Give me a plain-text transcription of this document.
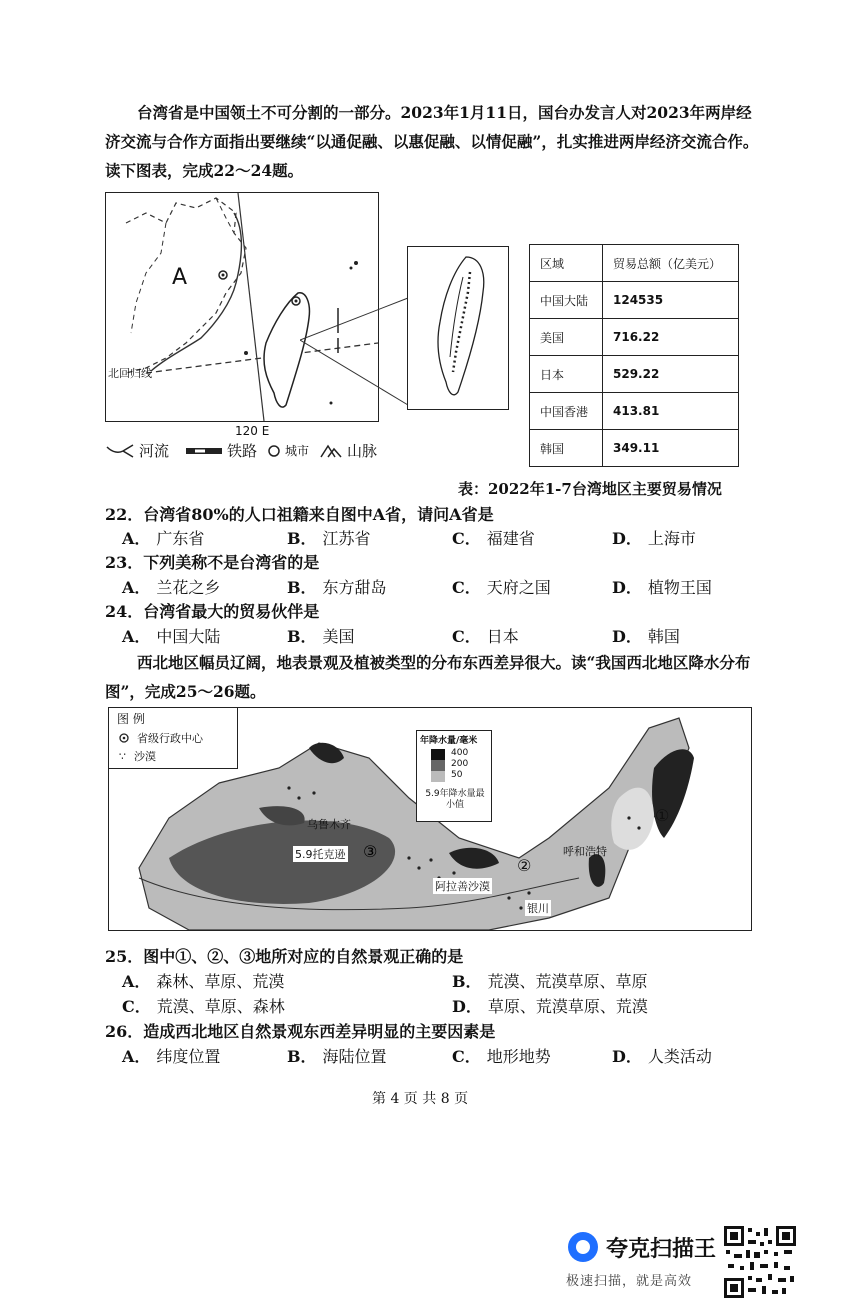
台湾省是中国领土不可分割的一部分。2023年1月11日，国台办发言人对2023年两岸经济交流与合作方面指出要继续“以通促融、以惠促融、以情促融”，扎实推进两岸经济交流合作。读下图表，完成22～24题。
A
北回归线
120 E
区域	贸易总额（亿美元）
中国大陆	124535
美国	716.22
日本	529.22
中国香港	413.81
韩国	349.11
河流	铁路 城市	山脉
表：2022年1-7台湾地区主要贸易情况
22．台湾省80%的人口祖籍来自图中A省，请问A省是
A． 广东省	B． 江苏省	C． 福建省	D． 上海市
23．下列美称不是台湾省的是
A． 兰花之乡	B． 东方甜岛	C． 天府之国	D． 植物王国
24．台湾省最大的贸易伙伴是
A． 中国大陆	B． 美国	C． 日本	D． 韩国
西北地区幅员辽阔，地表景观及植被类型的分布东西差异很大。读“我国西北地区降水分布图”，完成25～26题。
图 例
省级行政中心
∵ 沙漠
年降水量/毫米
400
200
50
5.9年降水量最小值
乌鲁木齐
5.9托克逊 ③
②
①
呼和浩特
阿拉善沙漠
银川
25．图中①、②、③地所对应的自然景观正确的是
A． 森林、草原、荒漠	B． 荒漠、荒漠草原、草原
C． 荒漠、草原、森林	D． 草原、荒漠草原、荒漠
26．造成西北地区自然景观东西差异明显的主要因素是
A． 纬度位置	B． 海陆位置	C． 地形地势	D． 人类活动
第 4 页 共 8 页
夸克扫描王
极速扫描，就是高效
